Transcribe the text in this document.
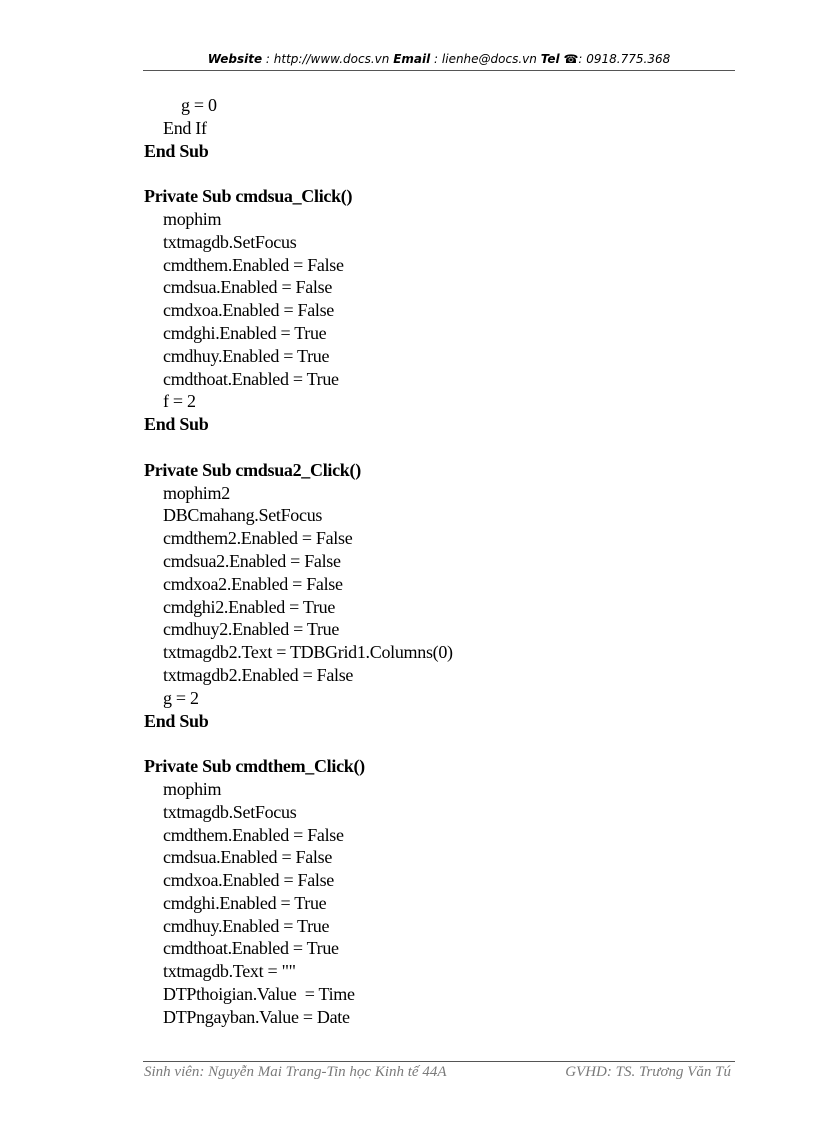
Website : http://www.docs.vn Email : lienhe@docs.vn Tel ☎: 0918.775.368
g = 0
End If
End Sub
Private Sub cmdsua_Click()
mophim
txtmagdb.SetFocus
cmdthem.Enabled = False
cmdsua.Enabled = False
cmdxoa.Enabled = False
cmdghi.Enabled = True
cmdhuy.Enabled = True
cmdthoat.Enabled = True
f = 2
End Sub
Private Sub cmdsua2_Click()
mophim2
DBCmahang.SetFocus
cmdthem2.Enabled = False
cmdsua2.Enabled = False
cmdxoa2.Enabled = False
cmdghi2.Enabled = True
cmdhuy2.Enabled = True
txtmagdb2.Text = TDBGrid1.Columns(0)
txtmagdb2.Enabled = False
g = 2
End Sub
Private Sub cmdthem_Click()
mophim
txtmagdb.SetFocus
cmdthem.Enabled = False
cmdsua.Enabled = False
cmdxoa.Enabled = False
cmdghi.Enabled = True
cmdhuy.Enabled = True
cmdthoat.Enabled = True
txtmagdb.Text = ""
DTPthoigian.Value  = Time
DTPngayban.Value = Date
Sinh viên: Nguyễn Mai Trang-Tin học Kinh tế 44A	GVHD: TS. Trương Văn Tú
